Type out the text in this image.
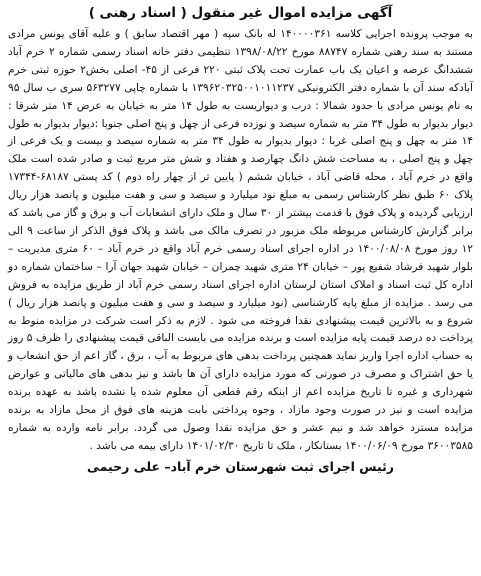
آگهی مزایده اموال غیر منقول ( اسناد رهنی )

به موجب پرونده اجرایی کلاسه ۱۴۰۰۰۰۳۶۱ له بانک سپه ( مهر اقتصاد سابق ) و علیه آقای یونس مرادی مستند به سند رهنی شماره ۸۸۷۴۷ مورخ ۱۳۹۸/۰۸/۲۲ تنظیمی دفتر خانه اسناد رسمی شماره ۲ خرم آباد ششدانگ عرصه و اعیان یک باب عمارت تحت پلاک ثبتی ۲۲۰ فرعی از ۴۵- اصلی بخش۲ حوزه ثبتی خرم آبادکه سند آن با شماره دفتر الکترونیکی ۱۳۹۶۲۰۳۲۵۰۰۱۰۱۱۲۳۷ با شماره چاپی ۵۶۳۲۷۷ سری ب سال ۹۵ به نام یونس مرادی با حدود شمالا : درب و دیواریست به طول ۱۴ متر به خیابان به عرض ۱۴ متر شرقا : دیوار بدیوار به طول ۳۴ متر به شماره سیصد و نوزده فرعی از چهل و پنج اصلی جنوبا :دیوار بدیوار به طول ۱۴ متر به چهل و پنج اصلی غربا : دیوار بدیوار به طول ۳۴ متر به شماره سیصد و بیست و یک فرعی از چهل و پنج اصلی ، به مساحت شش دانگ چهارصد و هفتاد و شش متر مربع ثبت و صادر شده است ملک واقع در خرم آباد ، محله قاضی آباد ، خیابان ششم ( پایین تر از چهار راه دوم ) کد پستی ۶۸۱۸۷-۱۷۳۴۴ پلاک ۶۰ طبق نظر کارشناس رسمی به مبلغ نود میلیارد و سیصد و سی و هفت میلیون و پانصد هزار ریال ارزیابی گردیده و پلاک فوق با قدمت بیشتر از ۳۰ سال و ملک دارای انشعابات آب و برق و گاز می باشد که برابر گزارش کارشناس مربوطه ملک مزبور در تصرف مالک می باشد و پلاک فوق الذکر از ساعت ۹ الی ۱۲ روز مورخ ۱۴۰۰/۰۸/۰۸ در اداره اجرای اسناد رسمی خرم آباد واقع در خرم آباد – ۶۰ متری مدیریت – بلوار شهید فرشاد شفیع پور – خیابان ۲۴ متری شهید چمران – خیابان شهید جهان آرا – ساختمان شماره دو اداره کل ثبت اسناد و املاک استان لرستان اداره اجرای اسناد رسمی خرم آباد از طریق مزایده به فروش می رسد . مزایده از مبلغ پایه کارشناسی (نود میلیارد و سیصد و سی و هفت میلیون و پانصد هزار ریال ) شروع و به بالاترین قیمت پیشنهادی نقدا فروخته می شود . لازم به ذکر است شرکت در مزایده منوط به پرداخت ده درصد قیمت پایه مزایده است و برنده مزایده می بایست الباقی قیمت پیشنهادی را ظرف ۵ روز به حساب اداره اجرا واریز نماید همچنین پرداخت بدهی های مربوط به آب ، برق ، گاز اعم از حق انشعاب و یا حق اشتراک و مصرف در صورتی که مورد مزایده دارای آن ها باشد و نیز بدهی های مالیاتی و عوارض شهرداری و غیره تا تاریخ مزایده اعم از اینکه رقم قطعی آن معلوم شده یا نشده باشد به عهده برنده مزایده است و نیز در صورت وجود مازاد ، وجوه پرداختی بابت هزینه های فوق از محل مازاد به برنده مزایده مسترد خواهد شد و نیم عشر و حق مزایده نقدا وصول می گردد. برابر نامه وارده به شماره ۳۶۰۰۳۵۸۵ مورخ ۱۴۰۰/۰۶/۰۹ بستانکار ، ملک تا تاریخ ۱۴۰۱/۰۲/۳۰ دارای بیمه می باشد .

رئیس اجرای ثبت شهرستان خرم آباد– علی رحیمی
